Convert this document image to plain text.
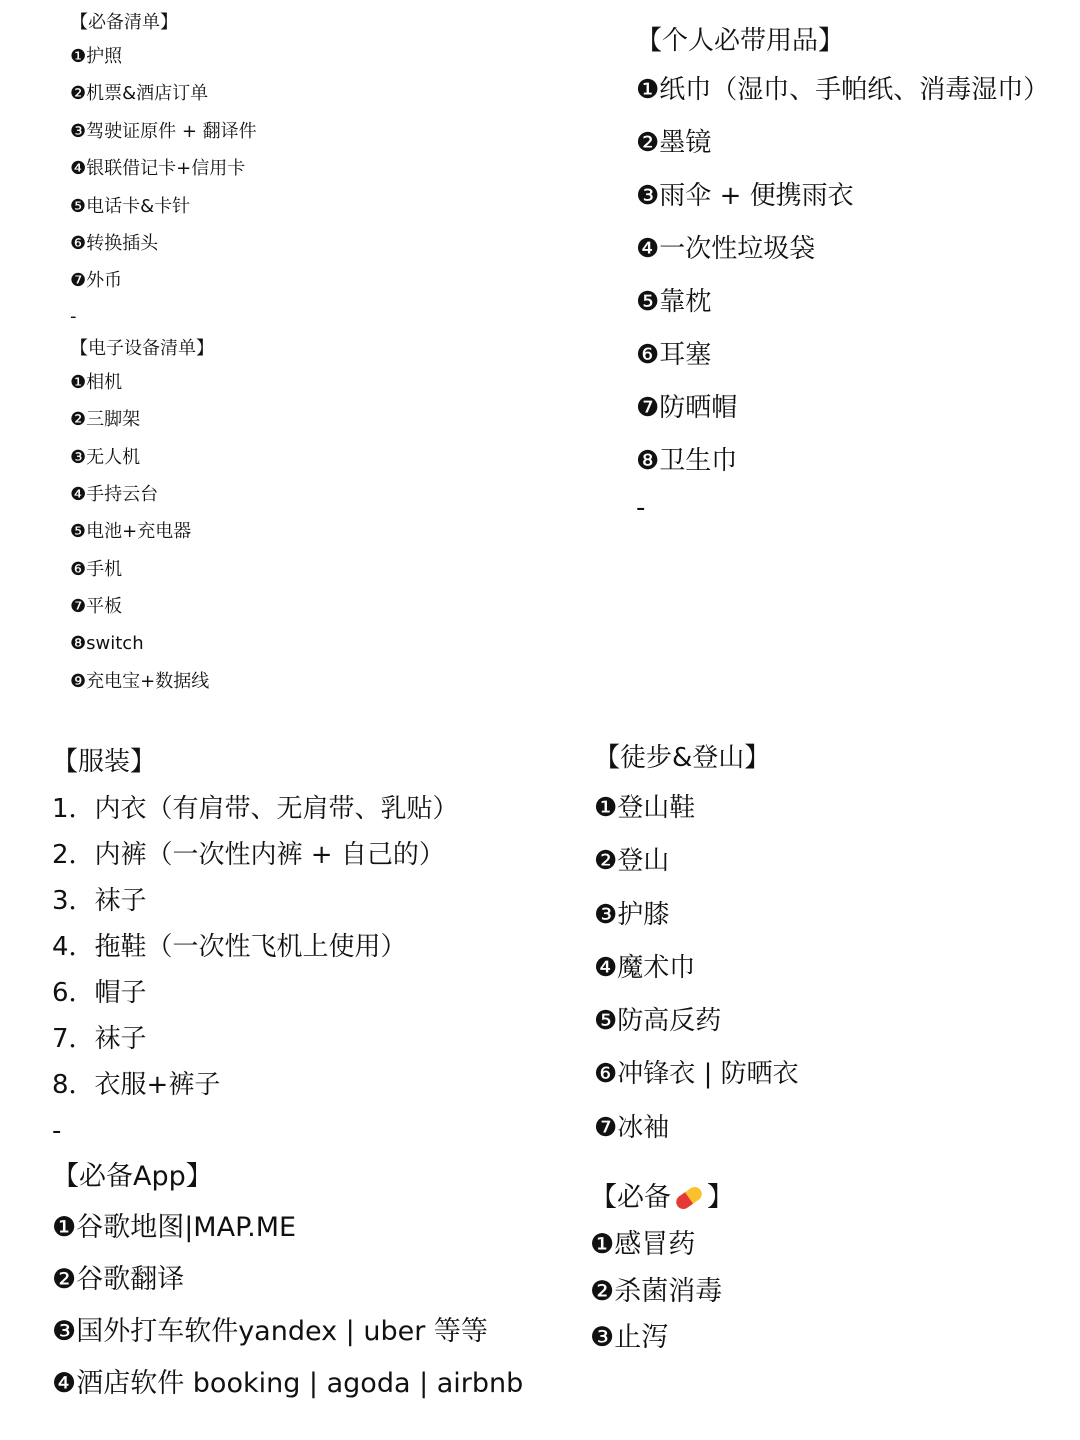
【必备清单】
❶护照
❷机票&酒店订单
❸驾驶证原件 + 翻译件
❹银联借记卡+信用卡
❺电话卡&卡针
❻转换插头
❼外币
-
【电子设备清单】
❶相机
❷三脚架
❸无人机
❹手持云台
❺电池+充电器
❻手机
❼平板
❽switch
❾充电宝+数据线
【个人必带用品】
❶纸巾（湿巾、手帕纸、消毒湿巾）
❷墨镜
❸雨伞 + 便携雨衣
❹一次性垃圾袋
❺靠枕
❻耳塞
❼防晒帽
❽卫生巾
-
【服装】
1．内衣（有肩带、无肩带、乳贴）
2．内裤（一次性内裤 + 自己的）
3．袜子
4．拖鞋（一次性飞机上使用）
6．帽子
7．袜子
8．衣服+裤子
-
【徒步&登山】
❶登山鞋
❷登山
❸护膝
❹魔术巾
❺防高反药
❻冲锋衣 | 防晒衣
❼冰袖
【必备App】
❶谷歌地图|MAP.ME
❷谷歌翻译
❸国外打车软件yandex | uber 等等
❹酒店软件 booking | agoda | airbnb
【必备 】
❶感冒药
❷杀菌消毒
❸止泻
